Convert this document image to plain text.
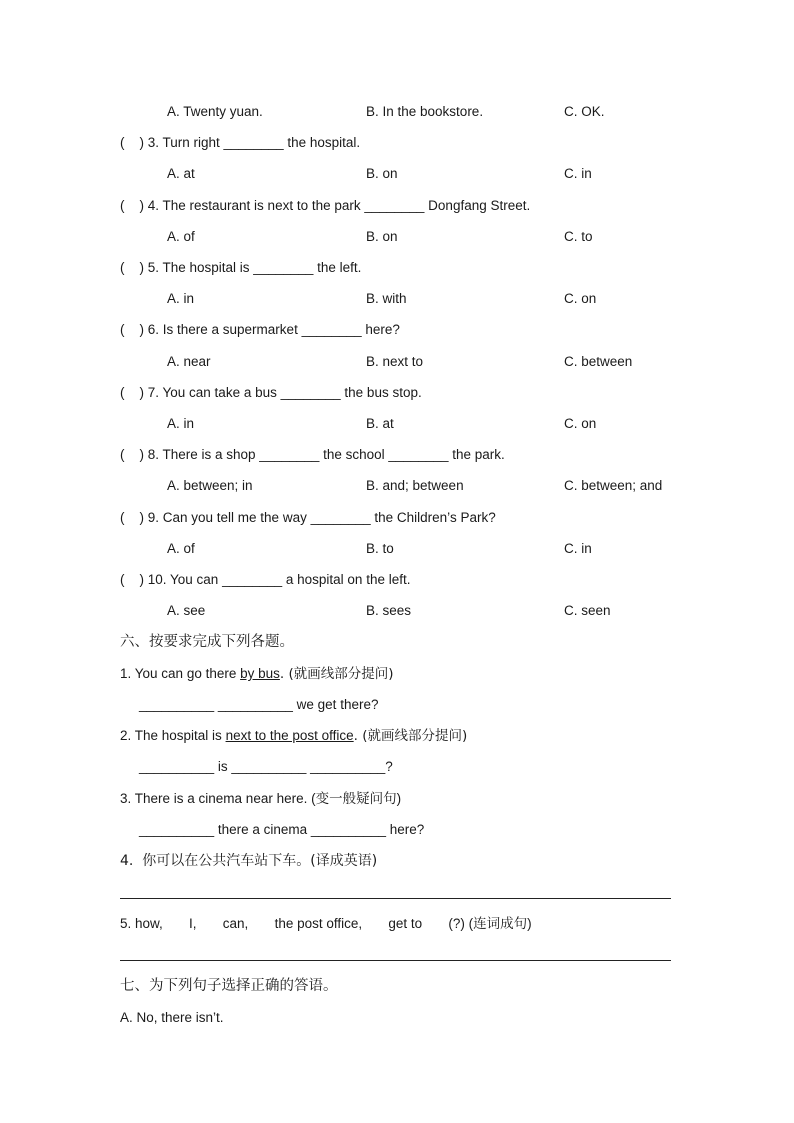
A. Twenty yuan.	B. In the bookstore.	C. OK.
(    ) 3. Turn right ________ the hospital.
A. at	B. on	C. in
(    ) 4. The restaurant is next to the park ________ Dongfang Street.
A. of	B. on	C. to
(    ) 5. The hospital is ________ the left.
A. in	B. with	C. on
(    ) 6. Is there a supermarket ________ here?
A. near	B. next to	C. between
(    ) 7. You can take a bus ________ the bus stop.
A. in	B. at	C. on
(    ) 8. There is a shop ________ the school ________ the park.
A. between; in	B. and; between	C. between; and
(    ) 9. Can you tell me the way ________ the Children’s Park?
A. of	B. to	C. in
(    ) 10. You can ________ a hospital on the left.
A. see	B. sees	C. seen
六、按要求完成下列各题。
1. You can go there by bus. (就画线部分提问)
__________ __________ we get there?
2. The hospital is next to the post office. (就画线部分提问)
__________ is __________ __________?
3. There is a cinema near here. (变一般疑问句)
__________ there a cinema __________ here?
4.  你可以在公共汽车站下车。(译成英语)
5. how,       I,       can,       the post office,       get to       (?) (连词成句)
七、为下列句子选择正确的答语。
A. No, there isn’t.
